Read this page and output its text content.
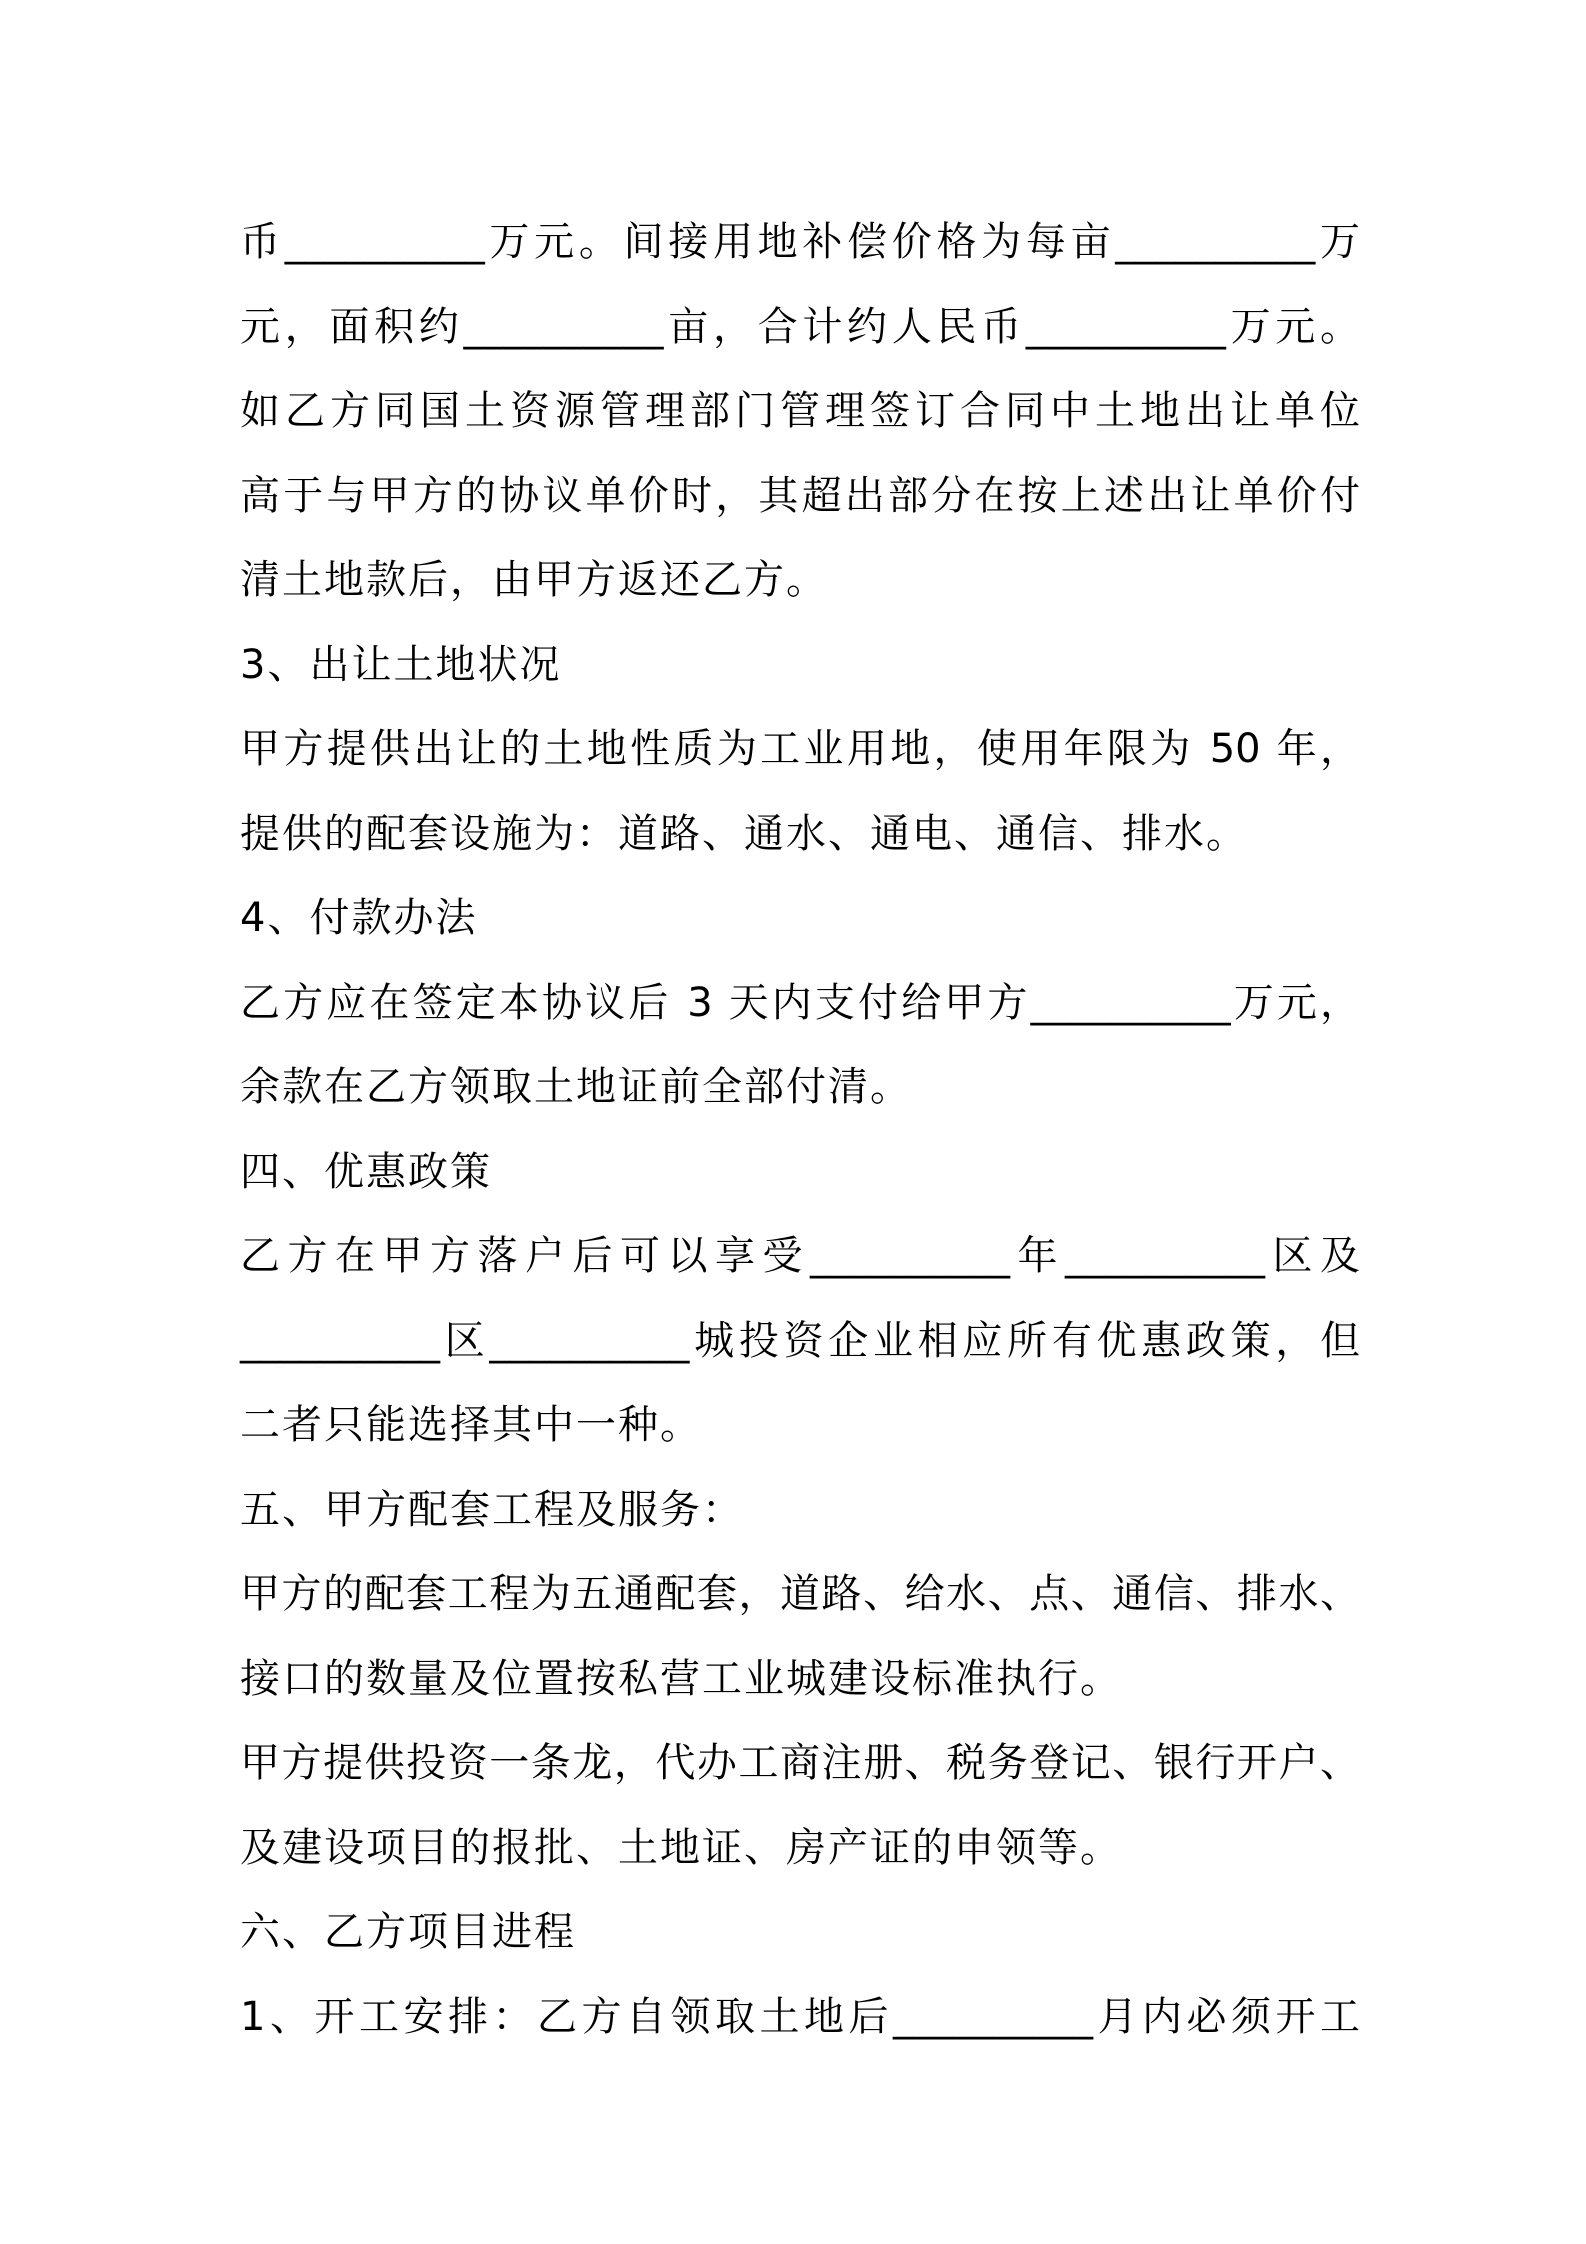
币__________万元。间接用地补偿价格为每亩__________万
元，面积约__________亩，合计约人民币__________万元。
如乙方同国土资源管理部门管理签订合同中土地出让单位
高于与甲方的协议单价时，其超出部分在按上述出让单价付
清土地款后，由甲方返还乙方。
3、出让土地状况
甲方提供出让的土地性质为工业用地，使用年限为 50 年，
提供的配套设施为：道路、通水、通电、通信、排水。
4、付款办法
乙方应在签定本协议后 3 天内支付给甲方__________万元，
余款在乙方领取土地证前全部付清。
四、优惠政策
乙方在甲方落户后可以享受__________年__________区及
__________区__________城投资企业相应所有优惠政策，但
二者只能选择其中一种。
五、甲方配套工程及服务：
甲方的配套工程为五通配套，道路、给水、点、通信、排水、
接口的数量及位置按私营工业城建设标准执行。
甲方提供投资一条龙，代办工商注册、税务登记、银行开户、
及建设项目的报批、土地证、房产证的申领等。
六、乙方项目进程
1、开工安排：乙方自领取土地后__________月内必须开工
